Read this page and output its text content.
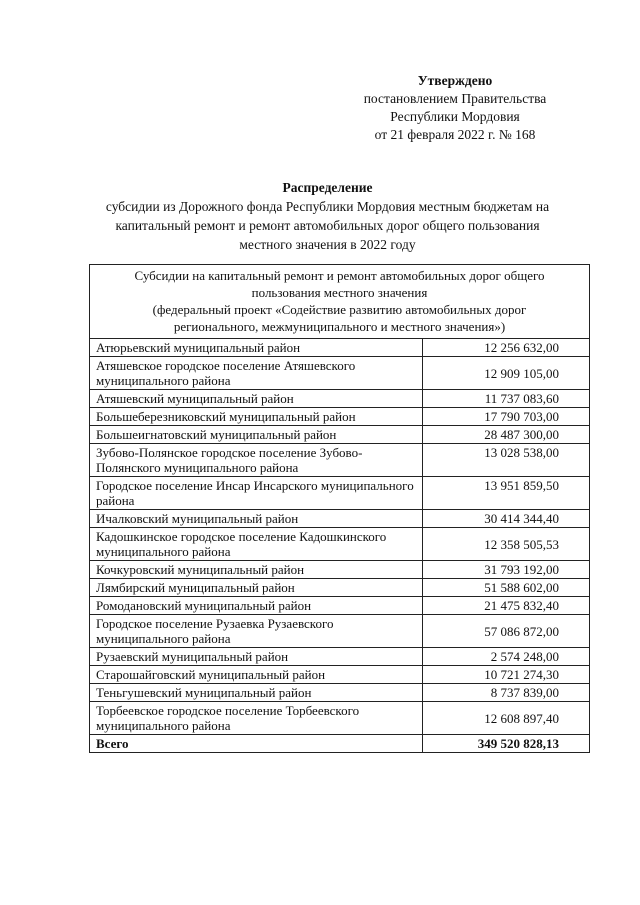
Утверждено
постановлением Правительства
Республики Мордовия
от 21 февраля 2022 г. № 168
Распределение
субсидии из Дорожного фонда Республики Мордовия местным бюджетам на
капитальный ремонт и ремонт автомобильных дорог общего пользования
местного значения в 2022 году
Субсидии на капитальный ремонт и ремонт автомобильных дорог общего
пользования местного значения
(федеральный проект «Содействие развитию автомобильных дорог
регионального, межмуниципального и местного значения»)	

Атюрьевский муниципальный район	12 256 632,00
Атяшевское городское поселение Атяшевского муниципального района	12 909 105,00
Атяшевский муниципальный район	11 737 083,60
Большеберезниковский муниципальный район	17 790 703,00
Большеигнатовский муниципальный район	28 487 300,00
Зубово-Полянское городское поселение Зубово-Полянского муниципального района	13 028 538,00
Городское поселение Инсар Инсарского муниципального района	13 951 859,50
Ичалковский муниципальный район	30 414 344,40
Кадошкинское городское поселение Кадошкинского муниципального района	12 358 505,53
Кочкуровский муниципальный район	31 793 192,00
Лямбирский муниципальный район	51 588 602,00
Ромодановский муниципальный район	21 475 832,40
Городское поселение Рузаевка Рузаевского муниципального района	57 086 872,00
Рузаевский муниципальный район	2 574 248,00
Старошайговский муниципальный район	10 721 274,30
Теньгушевский муниципальный район	8 737 839,00
Торбеевское городское поселение Торбеевского муниципального района	12 608 897,40
Всего	349 520 828,13
